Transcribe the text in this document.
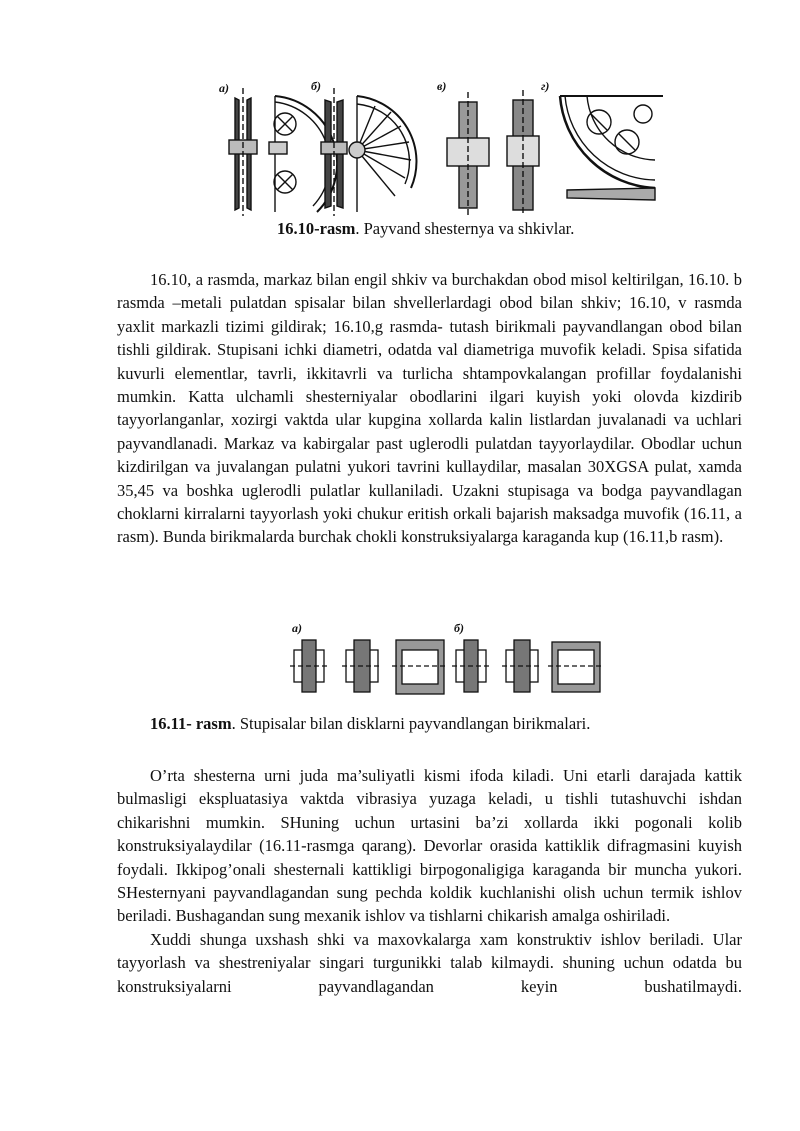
а)	б)	в)	г)
16.10-rasm. Payvand shesternya va shkivlar.

16.10, a rasmda, markaz bilan engil shkiv va burchakdan obod misol keltirilgan, 16.10. b rasmda –metali pulatdan spisalar bilan shvellerlardagi obod bilan shkiv; 16.10, v rasmda yaxlit markazli tizimi gildirak; 16.10,g rasmda- tutash birikmali payvandlangan obod bilan tishli gildirak. Stupisani ichki diametri, odatda val diametriga muvofik keladi. Spisa sifatida kuvurli elementlar, tavrli, ikkitavrli va turlicha shtampovkalangan profillar foydalanishi mumkin. Katta ulchamli shesterniyalar obodlarini ilgari kuyish yoki olovda kizdirib tayyorlanganlar, xozirgi vaktda ular kupgina xollarda kalin listlardan juvalanadi va uchlari payvandlanadi. Markaz va kabirgalar past uglerodli pulatdan tayyorlaydilar. Obodlar uchun kizdirilgan va juvalangan pulatni yukori tavrini kullaydilar, masalan 30XGSA pulat, xamda 35,45 va boshka uglerodli pulatlar kullaniladi. Uzakni stupisaga va bodga payvandlagan choklarni kirralarni tayyorlash yoki chukur eritish orkali bajarish maksadga muvofik (16.11, a rasm). Bunda birikmalarda burchak chokli konstruksiyalarga karaganda kup (16.11,b rasm).

а)	б)
16.11- rasm. Stupisalar bilan disklarni payvandlangan birikmalari.

O’rta shesterna urni juda ma’suliyatli kismi ifoda kiladi. Uni etarli darajada kattik bulmasligi ekspluatasiya vaktda vibrasiya yuzaga keladi, u tishli tutashuvchi ishdan chikarishni mumkin. SHuning uchun urtasini ba’zi xollarda ikki pogonali kolib konstruksiyalaydilar (16.11-rasmga qarang). Devorlar orasida kattiklik difragmasini kuyish foydali. Ikkipog’onali shesternali kattikligi birpogonaligiga karaganda bir muncha yukori. SHesternyani payvandlagandan sung pechda koldik kuchlanishi olish uchun termik ishlov beriladi. Bushagandan sung mexanik ishlov va tishlarni chikarish amalga oshiriladi.

Xuddi shunga uxshash shki va maxovkalarga xam konstruktiv ishlov beriladi. Ular tayyorlash va shestreniyalar singari turgunikki talab kilmaydi. shuning uchun odatda bu konstruksiyalarni payvandlagandan keyin bushatilmaydi.
